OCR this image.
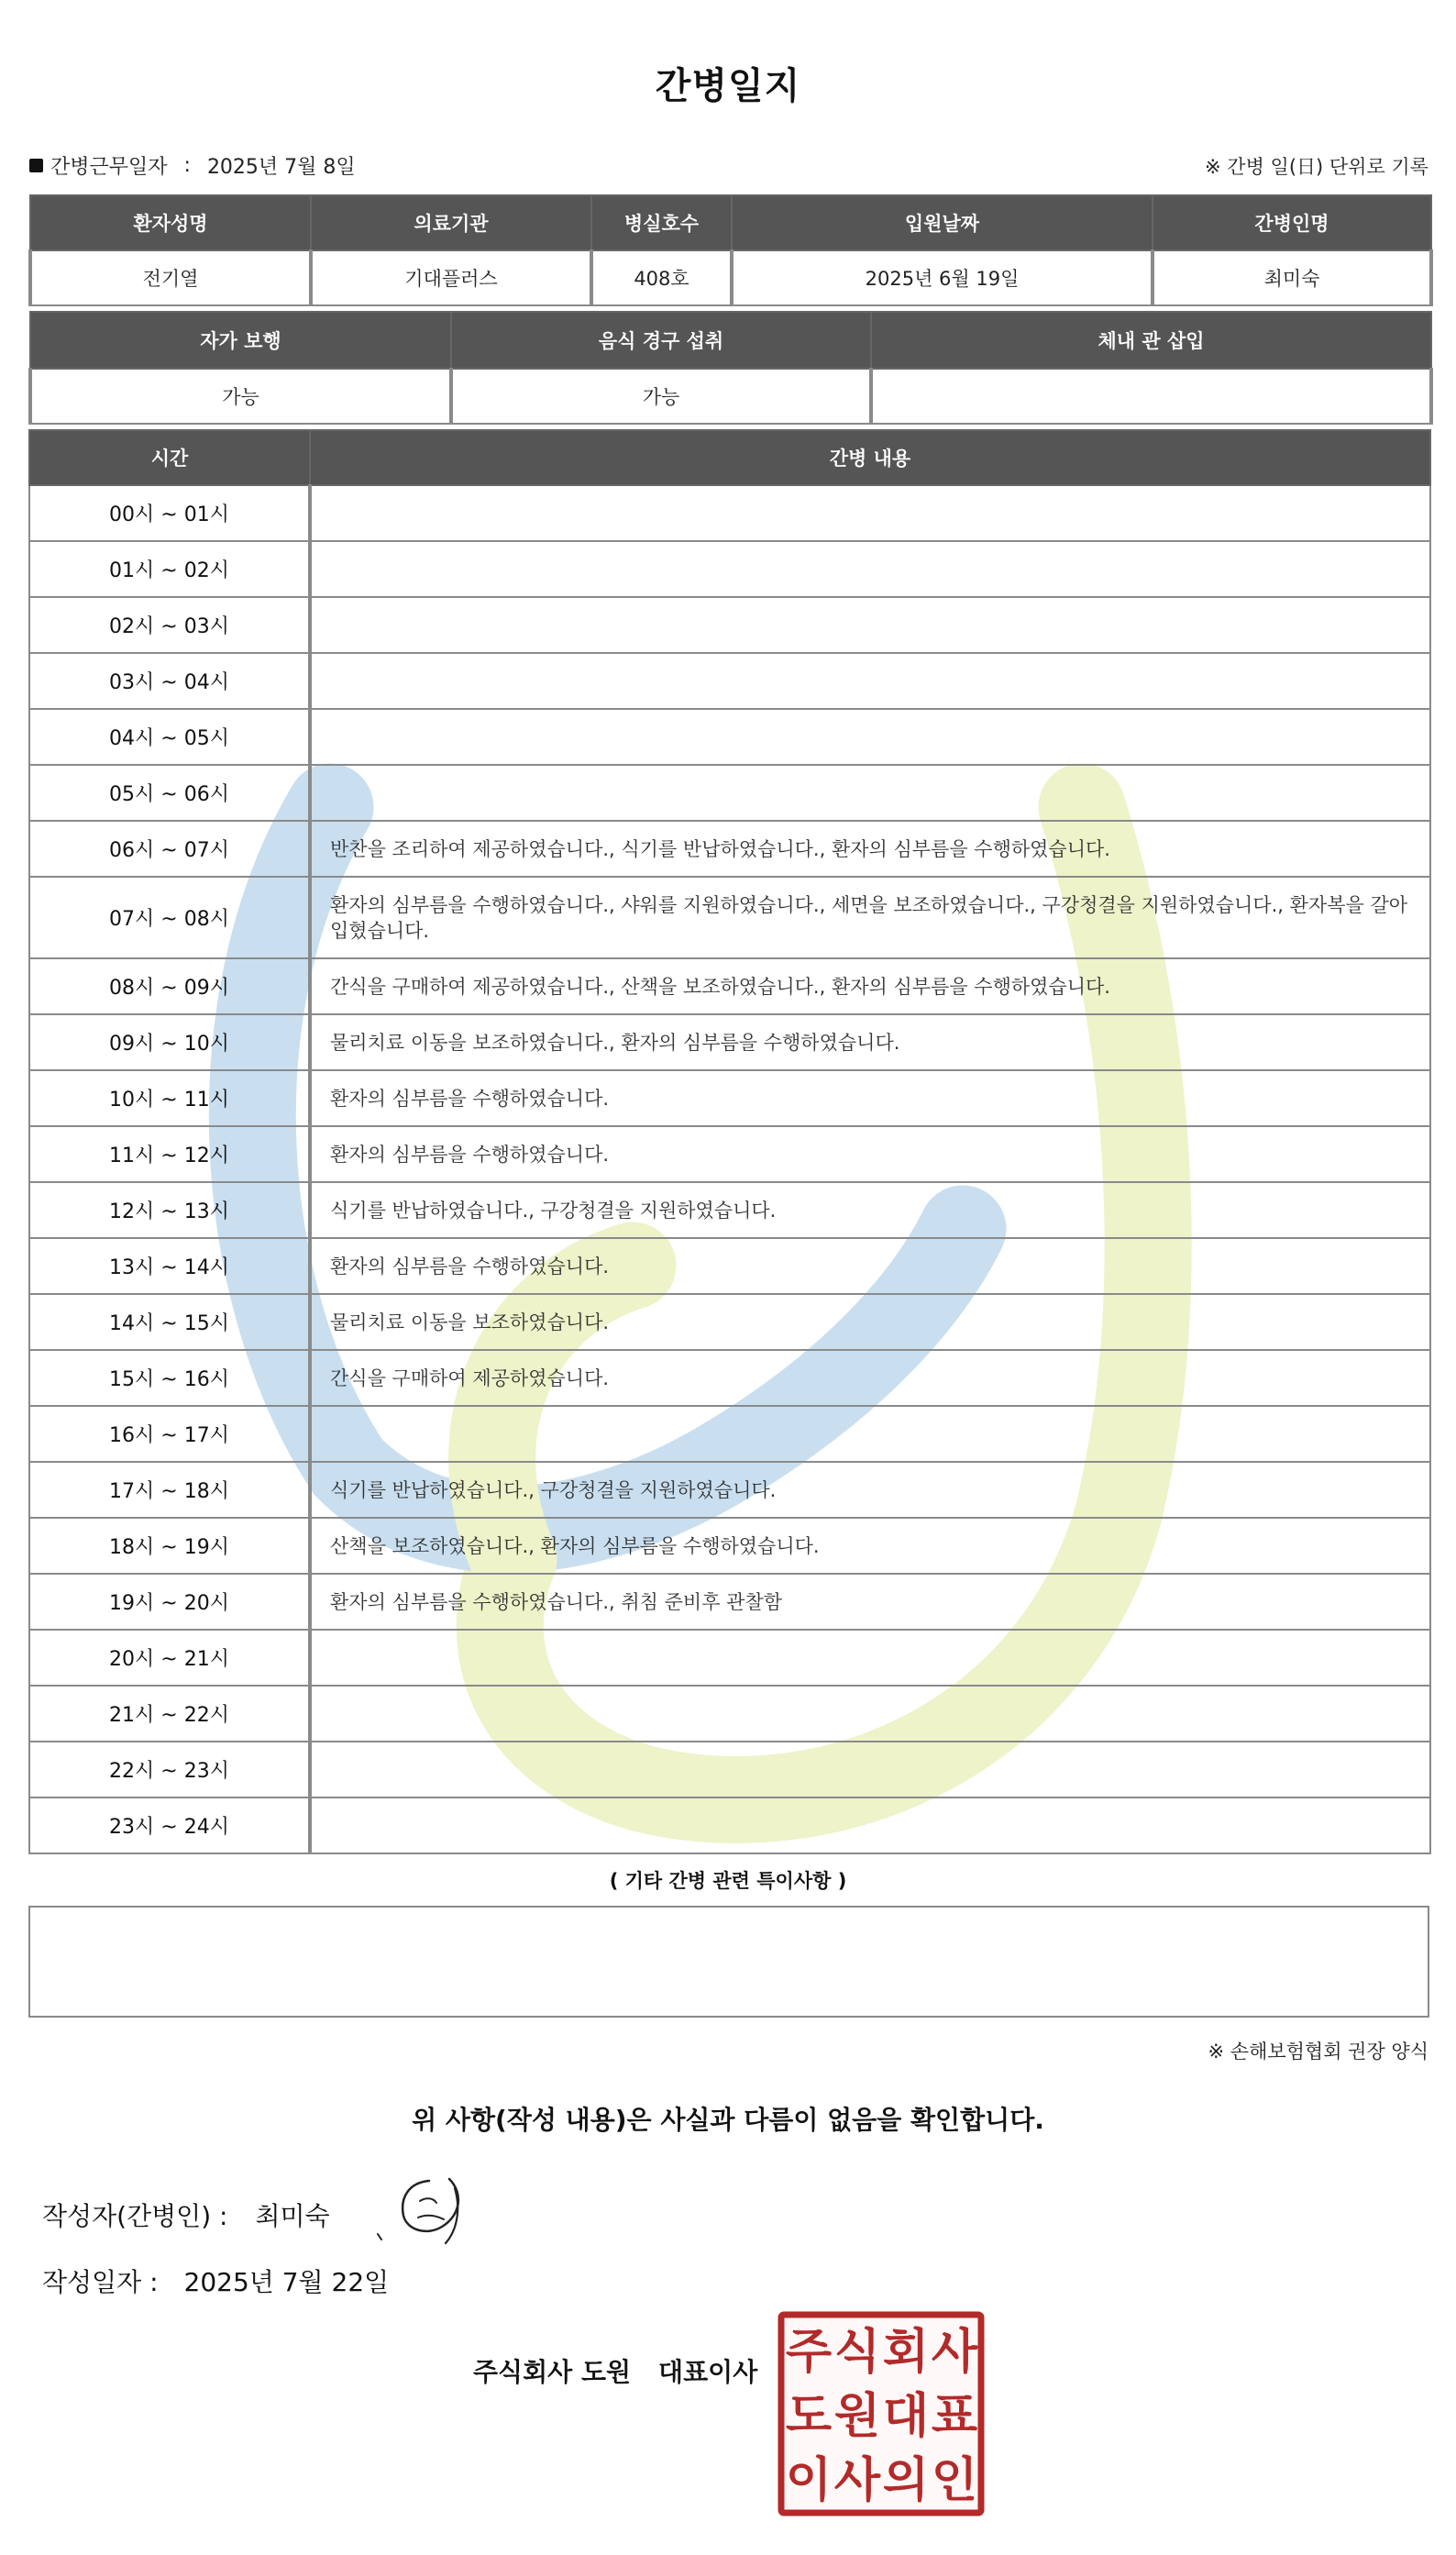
간병일지
간병근무일자 : 2025년 7월 8일	※ 간병 일(日) 단위로 기록
환자성명	의료기관	병실호수	입원날짜	간병인명
전기열	기대플러스	408호	2025년 6월 19일	최미숙
자가 보행	음식 경구 섭취	체내 관 삽입
가능	가능	
시간	간병 내용
00시 ~ 01시	
01시 ~ 02시	
02시 ~ 03시	
03시 ~ 04시	
04시 ~ 05시	
05시 ~ 06시	
06시 ~ 07시	반찬을 조리하여 제공하였습니다., 식기를 반납하였습니다., 환자의 심부름을 수행하였습니다.
07시 ~ 08시	환자의 심부름을 수행하였습니다., 샤워를 지원하였습니다., 세면을 보조하였습니다., 구강청결을 지원하였습니다., 환자복을 갈아입혔습니다.
08시 ~ 09시	간식을 구매하여 제공하였습니다., 산책을 보조하였습니다., 환자의 심부름을 수행하였습니다.
09시 ~ 10시	물리치료 이동을 보조하였습니다., 환자의 심부름을 수행하였습니다.
10시 ~ 11시	환자의 심부름을 수행하였습니다.
11시 ~ 12시	환자의 심부름을 수행하였습니다.
12시 ~ 13시	식기를 반납하였습니다., 구강청결을 지원하였습니다.
13시 ~ 14시	환자의 심부름을 수행하였습니다.
14시 ~ 15시	물리치료 이동을 보조하였습니다.
15시 ~ 16시	간식을 구매하여 제공하였습니다.
16시 ~ 17시	
17시 ~ 18시	식기를 반납하였습니다., 구강청결을 지원하였습니다.
18시 ~ 19시	산책을 보조하였습니다., 환자의 심부름을 수행하였습니다.
19시 ~ 20시	환자의 심부름을 수행하였습니다., 취침 준비후 관찰함
20시 ~ 21시	
21시 ~ 22시	
22시 ~ 23시	
23시 ~ 24시	
( 기타 간병 관련 특이사항 )
※ 손해보험협회 권장 양식
위 사항(작성 내용)은 사실과 다름이 없음을 확인합니다.
작성자(간병인) : 최미숙
작성일자 : 2025년 7월 22일
주식회사 도원 대표이사 주 식 회 사
도 원 대 표
이 사 의 인
